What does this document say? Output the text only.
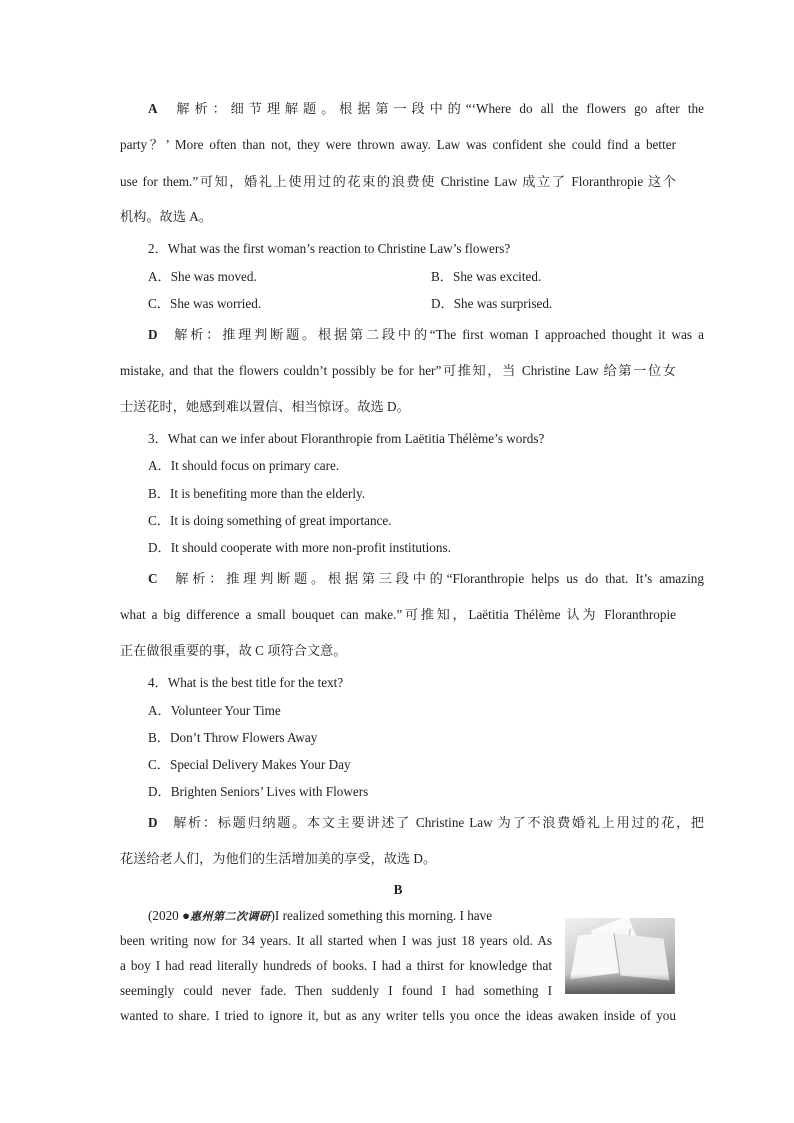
A 解析：细节理解题。根据第一段中的“‘Where do all the flowers go after the
party？’ More often than not, they were thrown away. Law was confident she could find a better
use for them.”可知，婚礼上使用过的花束的浪费使 Christine Law 成立了 Floranthropie 这个
机构。故选 A。
2．What was the first woman’s reaction to Christine Law’s flowers?
A．She was moved.	B．She was excited.
C．She was worried.	D．She was surprised.
D 解析：推理判断题。根据第二段中的“The first woman I approached thought it was a
mistake, and that the flowers couldn’t possibly be for her”可推知，当 Christine Law 给第一位女
士送花时，她感到难以置信、相当惊讶。故选 D。
3．What can we infer about Floranthropie from Laëtitia Thélème’s words?
A．It should focus on primary care.
B．It is benefiting more than the elderly.
C．It is doing something of great importance.
D．It should cooperate with more non-profit institutions.
C 解析：推理判断题。根据第三段中的“Floranthropie helps us do that. It’s amazing
what a big difference a small bouquet can make.”可推知，Laëtitia Thélème 认为 Floranthropie
正在做很重要的事，故 C 项符合文意。
4．What is the best title for the text?
A．Volunteer Your Time
B．Don’t Throw Flowers Away
C．Special Delivery Makes Your Day
D．Brighten Seniors’ Lives with Flowers
D 解析：标题归纳题。本文主要讲述了 Christine Law 为了不浪费婚礼上用过的花，把
花送给老人们，为他们的生活增加美的享受，故选 D。
B
(2020 ●惠州第二次调研)I realized something this morning. I have
been writing now for 34 years. It all started when I was just 18 years old. As
a boy I had read literally hundreds of books. I had a thirst for knowledge that
seemingly could never fade. Then suddenly I found I had something I
wanted to share. I tried to ignore it, but as any writer tells you once the ideas awaken inside of you
